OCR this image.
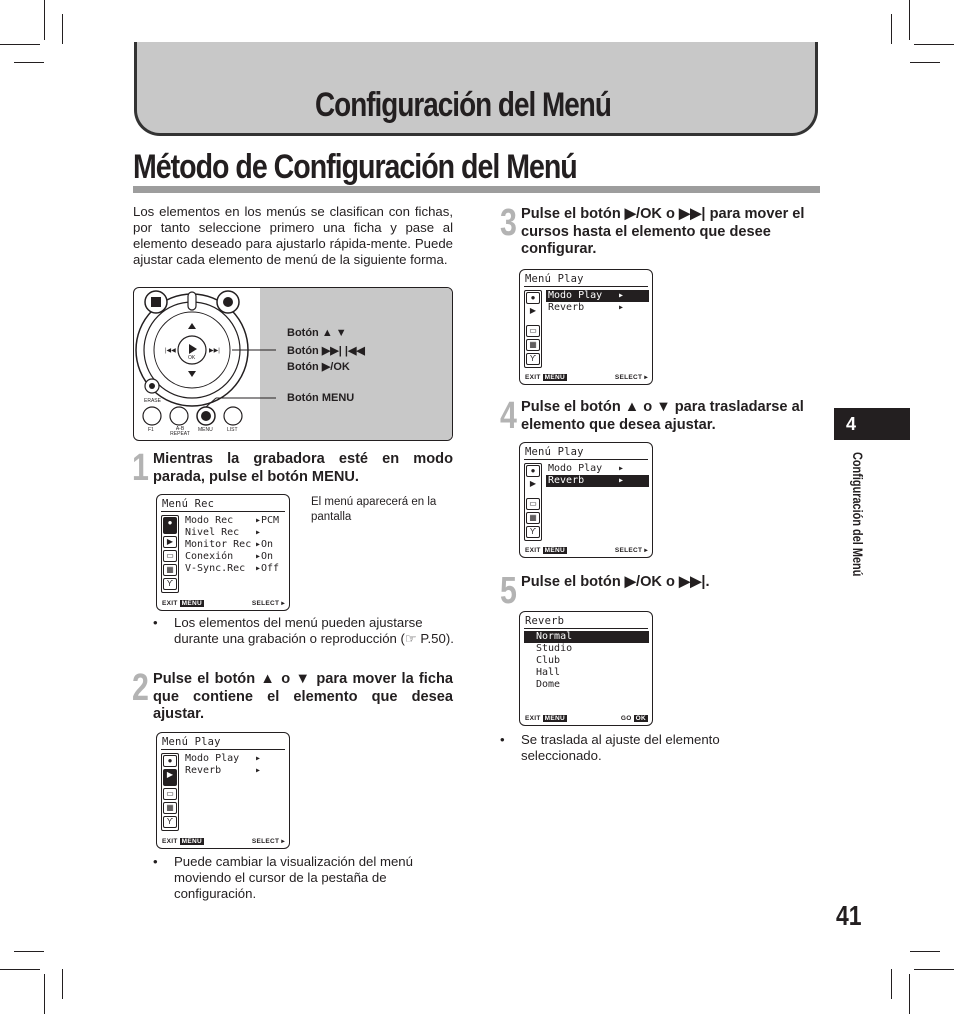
Configuración del Menú
Método de Configuración del Menú
Los elementos en los menús se clasifican con fichas, por tanto seleccione primero una ficha y pase al elemento deseado para ajustarlo rápida-mente. Puede ajustar cada elemento de menú de la siguiente forma.
|◀◀	▶▶|
ERASE
F1	A-B REPEAT
MENU	LIST
OK
Botón ▲ ▼
Botón ▶▶| |◀◀
Botón ▶/OK
Botón MENU
1 Mientras la grabadora esté en modo parada, pulse el botón MENU.
Menú Rec
●
▶
▭
▦
ϒ
Modo Rec ▸PCM
Nivel Rec ▸
Monitor Rec ▸On
Conexión ▸On
V-Sync.Rec ▸Off
EXIT MENU	SELECT ▸
El menú aparecerá en la pantalla
• Los elementos del menú pueden ajustarse durante una grabación o reproducción (☞ P.50).
2 Pulse el botón ▲ o ▼ para mover la ficha que contiene el elemento que desea ajustar.
Menú Play
●
▶
▭
▦
ϒ
Modo Play ▸
Reverb	▸
EXIT MENU	SELECT ▸
• Puede cambiar la visualización del menú moviendo el cursor de la pestaña de configuración.
3 Pulse el botón ▶/OK o ▶▶| para mover el cursos hasta el elemento que desee configurar.
Menú Play
●
▶
▭
▦
ϒ
Modo Play	▸
Reverb	▸
EXIT MENU	SELECT ▸
4 Pulse el botón ▲ o ▼ para trasladarse al elemento que desea ajustar.
Menú Play
●
▶
▭
▦
ϒ
Modo Play ▸
Reverb	▸
EXIT MENU	SELECT ▸
5 Pulse el botón ▶/OK o ▶▶|.
Reverb
Normal
Studio
Club
Hall
Dome
EXIT MENU	GO OK
• Se traslada al ajuste del elemento seleccionado.
4
Configuración del Menú
41
